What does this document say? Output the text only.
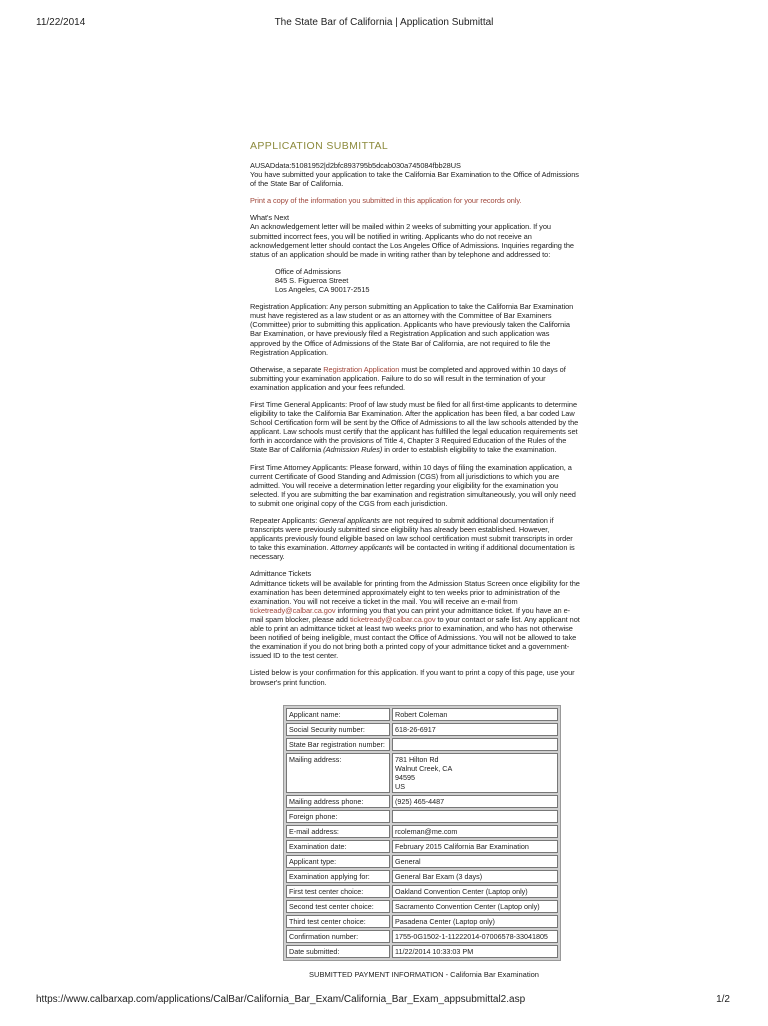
The State Bar of California | Application Submittal
11/22/2014
APPLICATION SUBMITTAL
AUSADdata:51081952|d2bfc893795b5dcab030a745084fbb28US

You have submitted your application to take the California Bar Examination to the Office of Admissions of the State Bar of California.

Print a copy of the information you submitted in this application for your records only.

What's Next

An acknowledgement letter will be mailed within 2 weeks of submitting your application. If you submitted incorrect fees, you will be notified in writing. Applicants who do not receive an acknowledgement letter should contact the Los Angeles Office of Admissions. Inquiries regarding the status of an application should be made in writing rather than by telephone and addressed to:

Office of Admissions
845 S. Figueroa Street
Los Angeles, CA 90017-2515

Registration Application: Any person submitting an Application to take the California Bar Examination must have registered as a law student or as an attorney with the Committee of Bar Examiners (Committee) prior to submitting this application. Applicants who have previously taken the California Bar Examination, or have previously filed a Registration Application and such application was approved by the Office of Admissions of the State Bar of California, are not required to file the Registration Application.

Otherwise, a separate Registration Application must be completed and approved within 10 days of submitting your examination application. Failure to do so will result in the termination of your examination application and your fees refunded.

First Time General Applicants: Proof of law study must be filed for all first-time applicants to determine eligibility to take the California Bar Examination. After the application has been filed, a bar coded Law School Certification form will be sent by the Office of Admissions to all the law schools attended by the applicant. Law schools must certify that the applicant has fulfilled the legal education requirements set forth in accordance with the provisions of Title 4, Chapter 3 Required Education of the Rules of the State Bar of California (Admission Rules) in order to establish eligibility to take the examination.

First Time Attorney Applicants: Please forward, within 10 days of filing the examination application, a current Certificate of Good Standing and Admission (CGS) from all jurisdictions to which you are admitted. You will receive a determination letter regarding your eligibility for the examination you selected. If you are submitting the bar examination and registration simultaneously, you will only need to submit one original copy of the CGS from each jurisdiction.

Repeater Applicants: General applicants are not required to submit additional documentation if transcripts were previously submitted since eligibility has already been established. However, applicants previously found eligible based on law school certification must submit transcripts in order to take this examination. Attorney applicants will be contacted in writing if additional documentation is necessary.

Admittance Tickets

Admittance tickets will be available for printing from the Admission Status Screen once eligibility for the examination has been determined approximately eight to ten weeks prior to administration of the examination. You will not receive a ticket in the mail. You will receive an e-mail from ticketready@calbar.ca.gov informing you that you can print your admittance ticket. If you have an e-mail spam blocker, please add ticketready@calbar.ca.gov to your contact or safe list. Any applicant not able to print an admittance ticket at least two weeks prior to examination, and who has not otherwise been notified of being ineligible, must contact the Office of Admissions. You will not be allowed to take the examination if you do not bring both a printed copy of your admittance ticket and a government-issued ID to the test center.

Listed below is your confirmation for this application. If you want to print a copy of this page, use your browser's print function.

Applicant name:	Robert Coleman
Social Security number:	618-26-6917
State Bar registration number:	
Mailing address:	781 Hilton Rd
Walnut Creek, CA
94595
US
Mailing address phone:	(925) 465-4487
Foreign phone:	
E-mail address:	rcoleman@me.com
Examination date:	February 2015 California Bar Examination
Applicant type:	General
Examination applying for:	General Bar Exam (3 days)
First test center choice:	Oakland Convention Center (Laptop only)
Second test center choice:	Sacramento Convention Center (Laptop only)
Third test center choice:	Pasadena Center (Laptop only)
Confirmation number:	1755-0G1502-1-11222014-07006578-33041805
Date submitted:	11/22/2014 10:33:03 PM
SUBMITTED PAYMENT INFORMATION - California Bar Examination
https://www.calbarxap.com/applications/CalBar/California_Bar_Exam/California_Bar_Exam_appsubmittal2.asp	1/2
